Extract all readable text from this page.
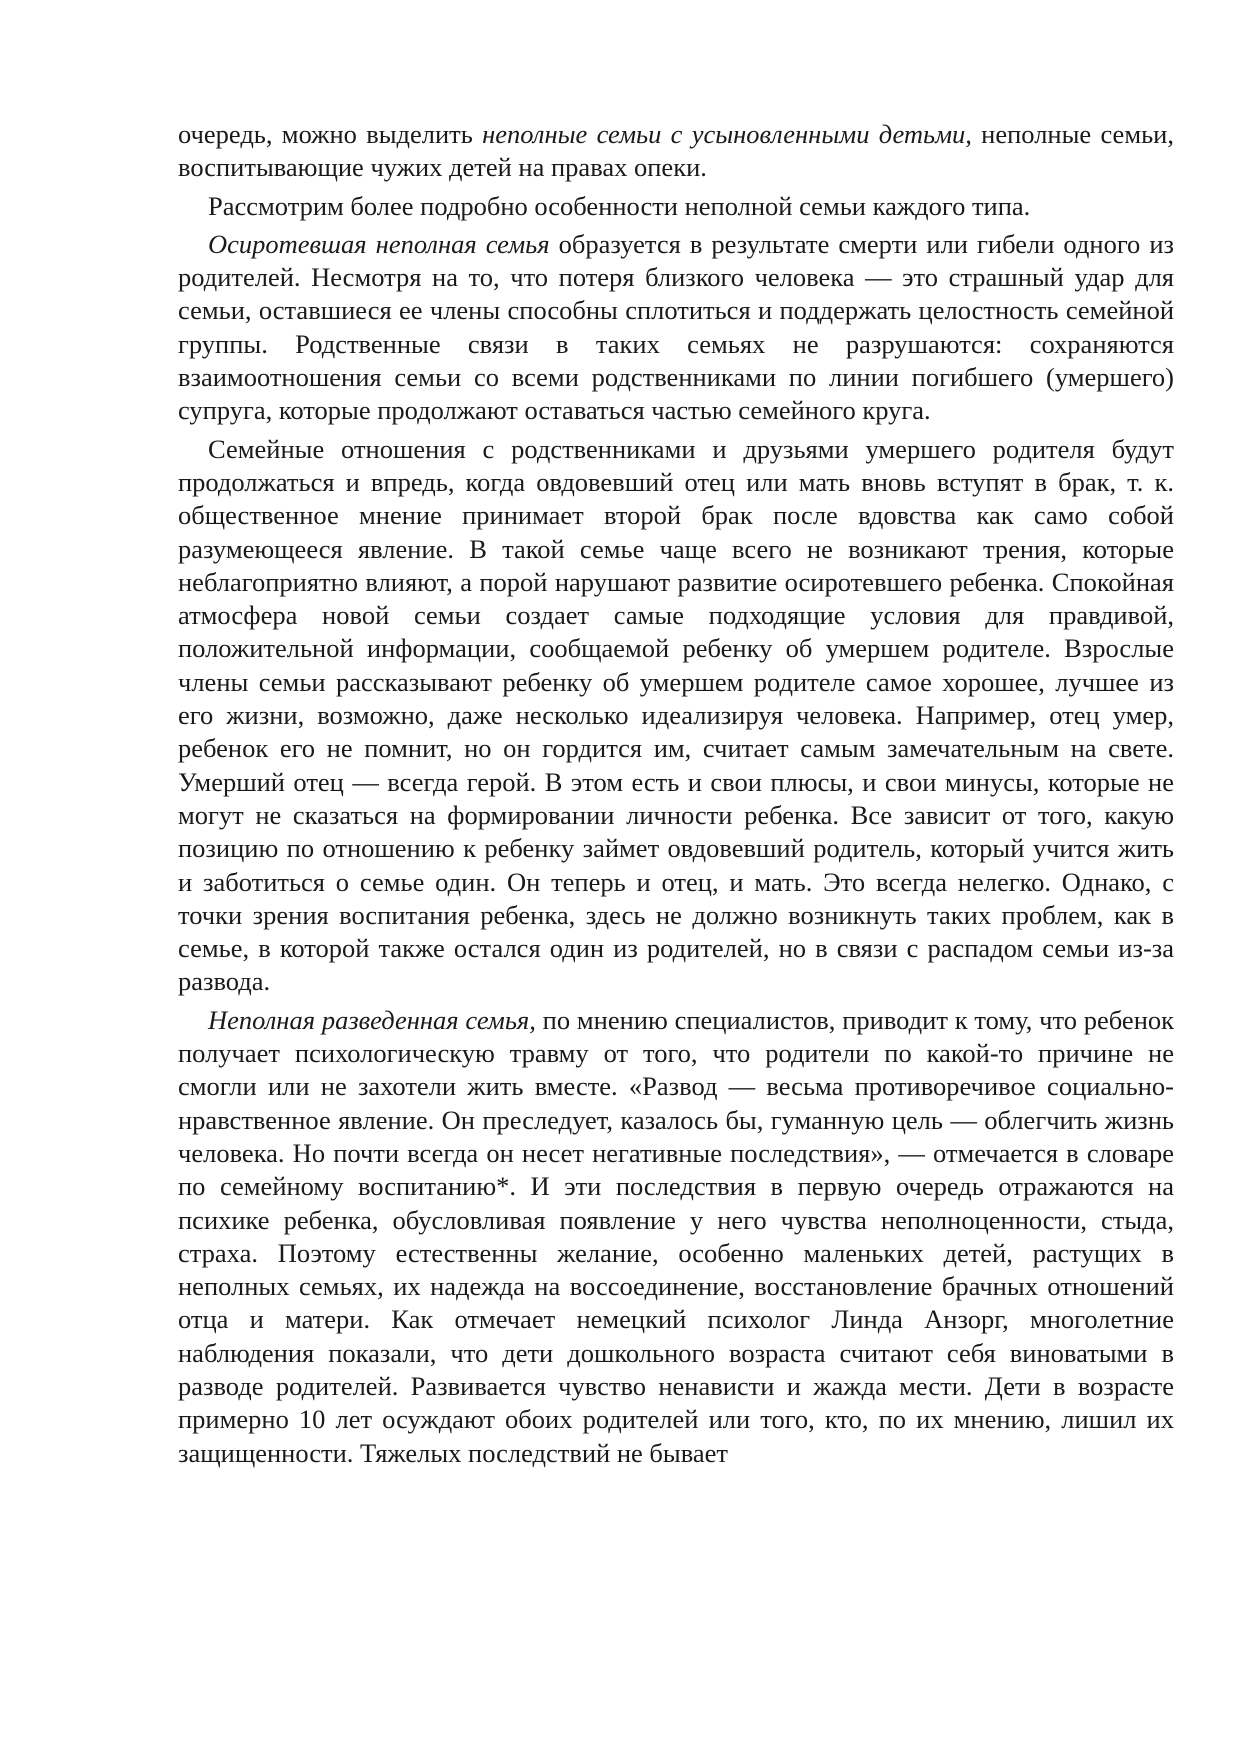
очередь, можно выделить неполные семьи с усыновленными детьми, неполные семьи, воспитывающие чужих детей на правах опеки.

Рассмотрим более подробно особенности неполной семьи каждого типа.

Осиротевшая неполная семья образуется в результате смерти или гибели одного из родителей. Несмотря на то, что потеря близкого человека — это страшный удар для семьи, оставшиеся ее члены способны сплотиться и поддержать целостность семейной группы. Родственные связи в таких семьях не разрушаются: сохраняются взаимоотношения семьи со всеми родственниками по линии погибшего (умершего) супруга, которые продолжают оставаться частью семейного круга.

Семейные отношения с родственниками и друзьями умершего родителя будут продолжаться и впредь, когда овдовевший отец или мать вновь вступят в брак, т. к. общественное мнение принимает второй брак после вдовства как само собой разумеющееся явление. В такой семье чаще всего не возникают трения, которые неблагоприятно влияют, а порой нарушают развитие осиротевшего ребенка. Спокойная атмосфера новой семьи создает самые подходящие условия для правдивой, положительной информации, сообщаемой ребенку об умершем родителе. Взрослые члены семьи рассказывают ребенку об умершем родителе самое хорошее, лучшее из его жизни, возможно, даже несколько идеализируя человека. Например, отец умер, ребенок его не помнит, но он гордится им, считает самым замечательным на свете. Умерший отец — всегда герой. В этом есть и свои плюсы, и свои минусы, которые не могут не сказаться на формировании личности ребенка. Все зависит от того, какую позицию по отношению к ребенку займет овдовевший родитель, который учится жить и заботиться о семье один. Он теперь и отец, и мать. Это всегда нелегко. Однако, с точки зрения воспитания ребенка, здесь не должно возникнуть таких проблем, как в семье, в которой также остался один из родителей, но в связи с распадом семьи из-за развода.

Неполная разведенная семья, по мнению специалистов, приводит к тому, что ребенок получает психологическую травму от того, что родители по какой-то причине не смогли или не захотели жить вместе. «Развод — весьма противоречивое социально-нравственное явление. Он преследует, казалось бы, гуманную цель — облегчить жизнь человека. Но почти всегда он несет негативные последствия», — отмечается в словаре по семейному воспитанию*. И эти последствия в первую очередь отражаются на психике ребенка, обусловливая появление у него чувства неполноценности, стыда, страха. Поэтому естественны желание, особенно маленьких детей, растущих в неполных семьях, их надежда на воссоединение, восстановление брачных отношений отца и матери. Как отмечает немецкий психолог Линда Анзорг, многолетние наблюдения показали, что дети дошкольного возраста считают себя виноватыми в разводе родителей. Развивается чувство ненависти и жажда мести. Дети в возрасте примерно 10 лет осуждают обоих родителей или того, кто, по их мнению, лишил их защищенности. Тяжелых последствий не бывает
